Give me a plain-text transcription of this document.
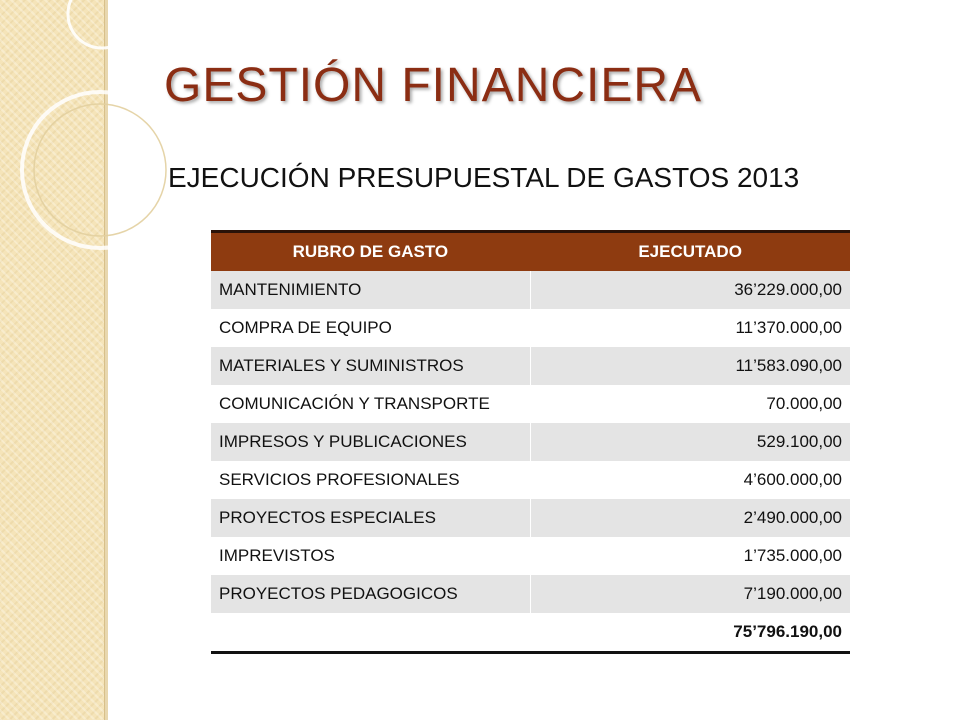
GESTIÓN FINANCIERA
EJECUCIÓN PRESUPUESTAL DE GASTOS 2013
RUBRO DE GASTO	EJECUTADO
MANTENIMIENTO	36’229.000,00
COMPRA DE EQUIPO	11’370.000,00
MATERIALES Y SUMINISTROS	11’583.090,00
COMUNICACIÓN Y TRANSPORTE	70.000,00
IMPRESOS Y PUBLICACIONES	529.100,00
SERVICIOS PROFESIONALES	4’600.000,00
PROYECTOS ESPECIALES	2’490.000,00
IMPREVISTOS	1’735.000,00
PROYECTOS PEDAGOGICOS	7’190.000,00
	75’796.190,00
